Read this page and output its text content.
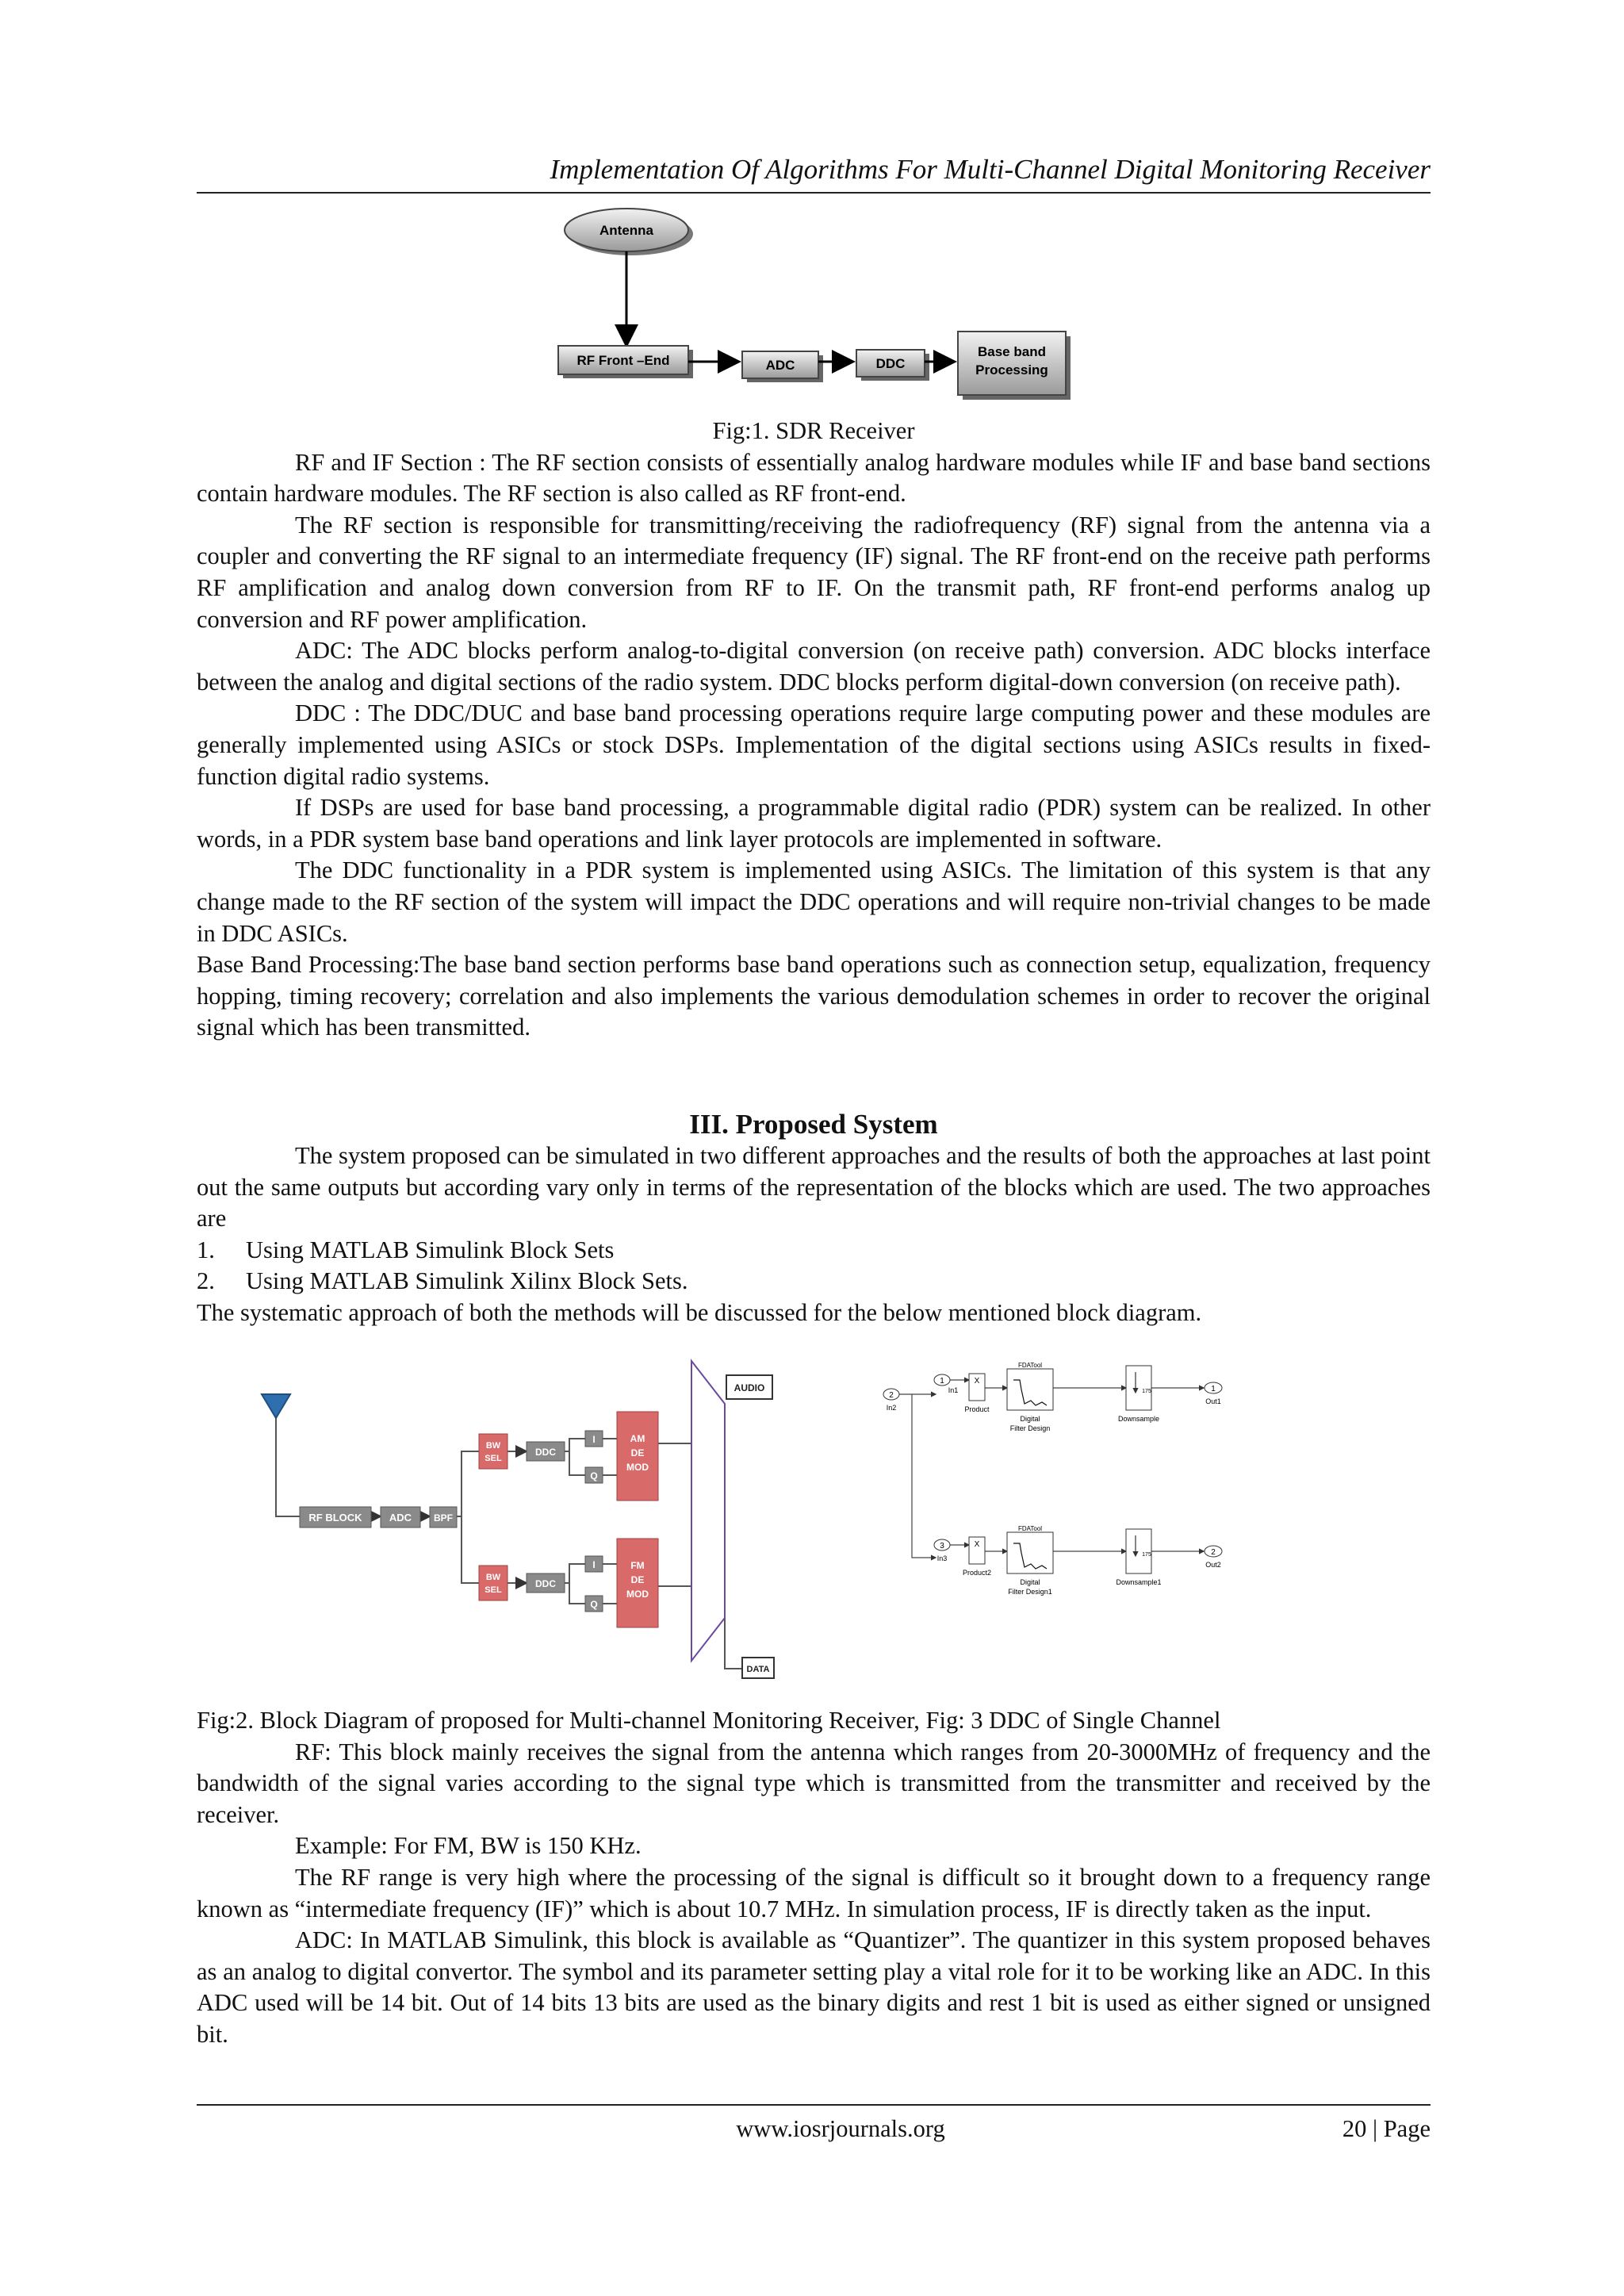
Implementation Of Algorithms For Multi-Channel Digital Monitoring Receiver
Antenna
RF Front –End	ADC	DDC
Base band
Processing

Fig:1. SDR Receiver

RF and IF Section : The RF section consists of essentially analog hardware modules while IF and base band sections contain hardware modules. The RF section is also called as RF front-end.

The RF section is responsible for transmitting/receiving the radiofrequency (RF) signal from the antenna via a coupler and converting the RF signal to an intermediate frequency (IF) signal. The RF front-end on the receive path performs RF amplification and analog down conversion from RF to IF. On the transmit path, RF front-end performs analog up conversion and RF power amplification.

ADC: The ADC blocks perform analog-to-digital conversion (on receive path) conversion. ADC blocks interface between the analog and digital sections of the radio system. DDC blocks perform digital-down conversion (on receive path).

DDC : The DDC/DUC and base band processing operations require large computing power and these modules are generally implemented using ASICs or stock DSPs. Implementation of the digital sections using ASICs results in fixed-function digital radio systems.

If DSPs are used for base band processing, a programmable digital radio (PDR) system can be realized. In other words, in a PDR system base band operations and link layer protocols are implemented in software.

The DDC functionality in a PDR system is implemented using ASICs. The limitation of this system is that any change made to the RF section of the system will impact the DDC operations and will require non-trivial changes to be made in DDC ASICs.

Base Band Processing:The base band section performs base band operations such as connection setup, equalization, frequency hopping, timing recovery; correlation and also implements the various demodulation schemes in order to recover the original signal which has been transmitted.

III. Proposed System

The system proposed can be simulated in two different approaches and the results of both the approaches at last point out the same outputs but according vary only in terms of the representation of the blocks which are used. The two approaches are

1.	Using MATLAB Simulink Block Sets
2.	Using MATLAB Simulink Xilinx Block Sets.

The systematic approach of both the methods will be discussed for the below mentioned block diagram.

RF BLOCK	ADC BPF
BW
SEL
BW
SEL
DDC
DDC
I
Q
I
Q
AM
DE
MOD
FM
DE
MOD
AUDIO
DATA
2
In2
1
In1
3
In3
X
Product
X
Product2
FDATool
Digital
Filter Design
FDATool
Digital
Filter Design1
175
Downsample
175
Downsample1
1
Out1
2
Out2

Fig:2. Block Diagram of proposed for Multi-channel Monitoring Receiver, Fig: 3 DDC of Single Channel

RF: This block mainly receives the signal from the antenna which ranges from 20-3000MHz of frequency and the bandwidth of the signal varies according to the signal type which is transmitted from the transmitter and received by the receiver.

Example: For FM, BW is 150 KHz.

The RF range is very high where the processing of the signal is difficult so it brought down to a frequency range known as “intermediate frequency (IF)” which is about 10.7 MHz. In simulation process, IF is directly taken as the input.

ADC: In MATLAB Simulink, this block is available as “Quantizer”. The quantizer in this system proposed behaves as an analog to digital convertor. The symbol and its parameter setting play a vital role for it to be working like an ADC. In this ADC used will be 14 bit. Out of 14 bits 13 bits are used as the binary digits and rest 1 bit is used as either signed or unsigned bit.

www.iosrjournals.org	20 | Page
